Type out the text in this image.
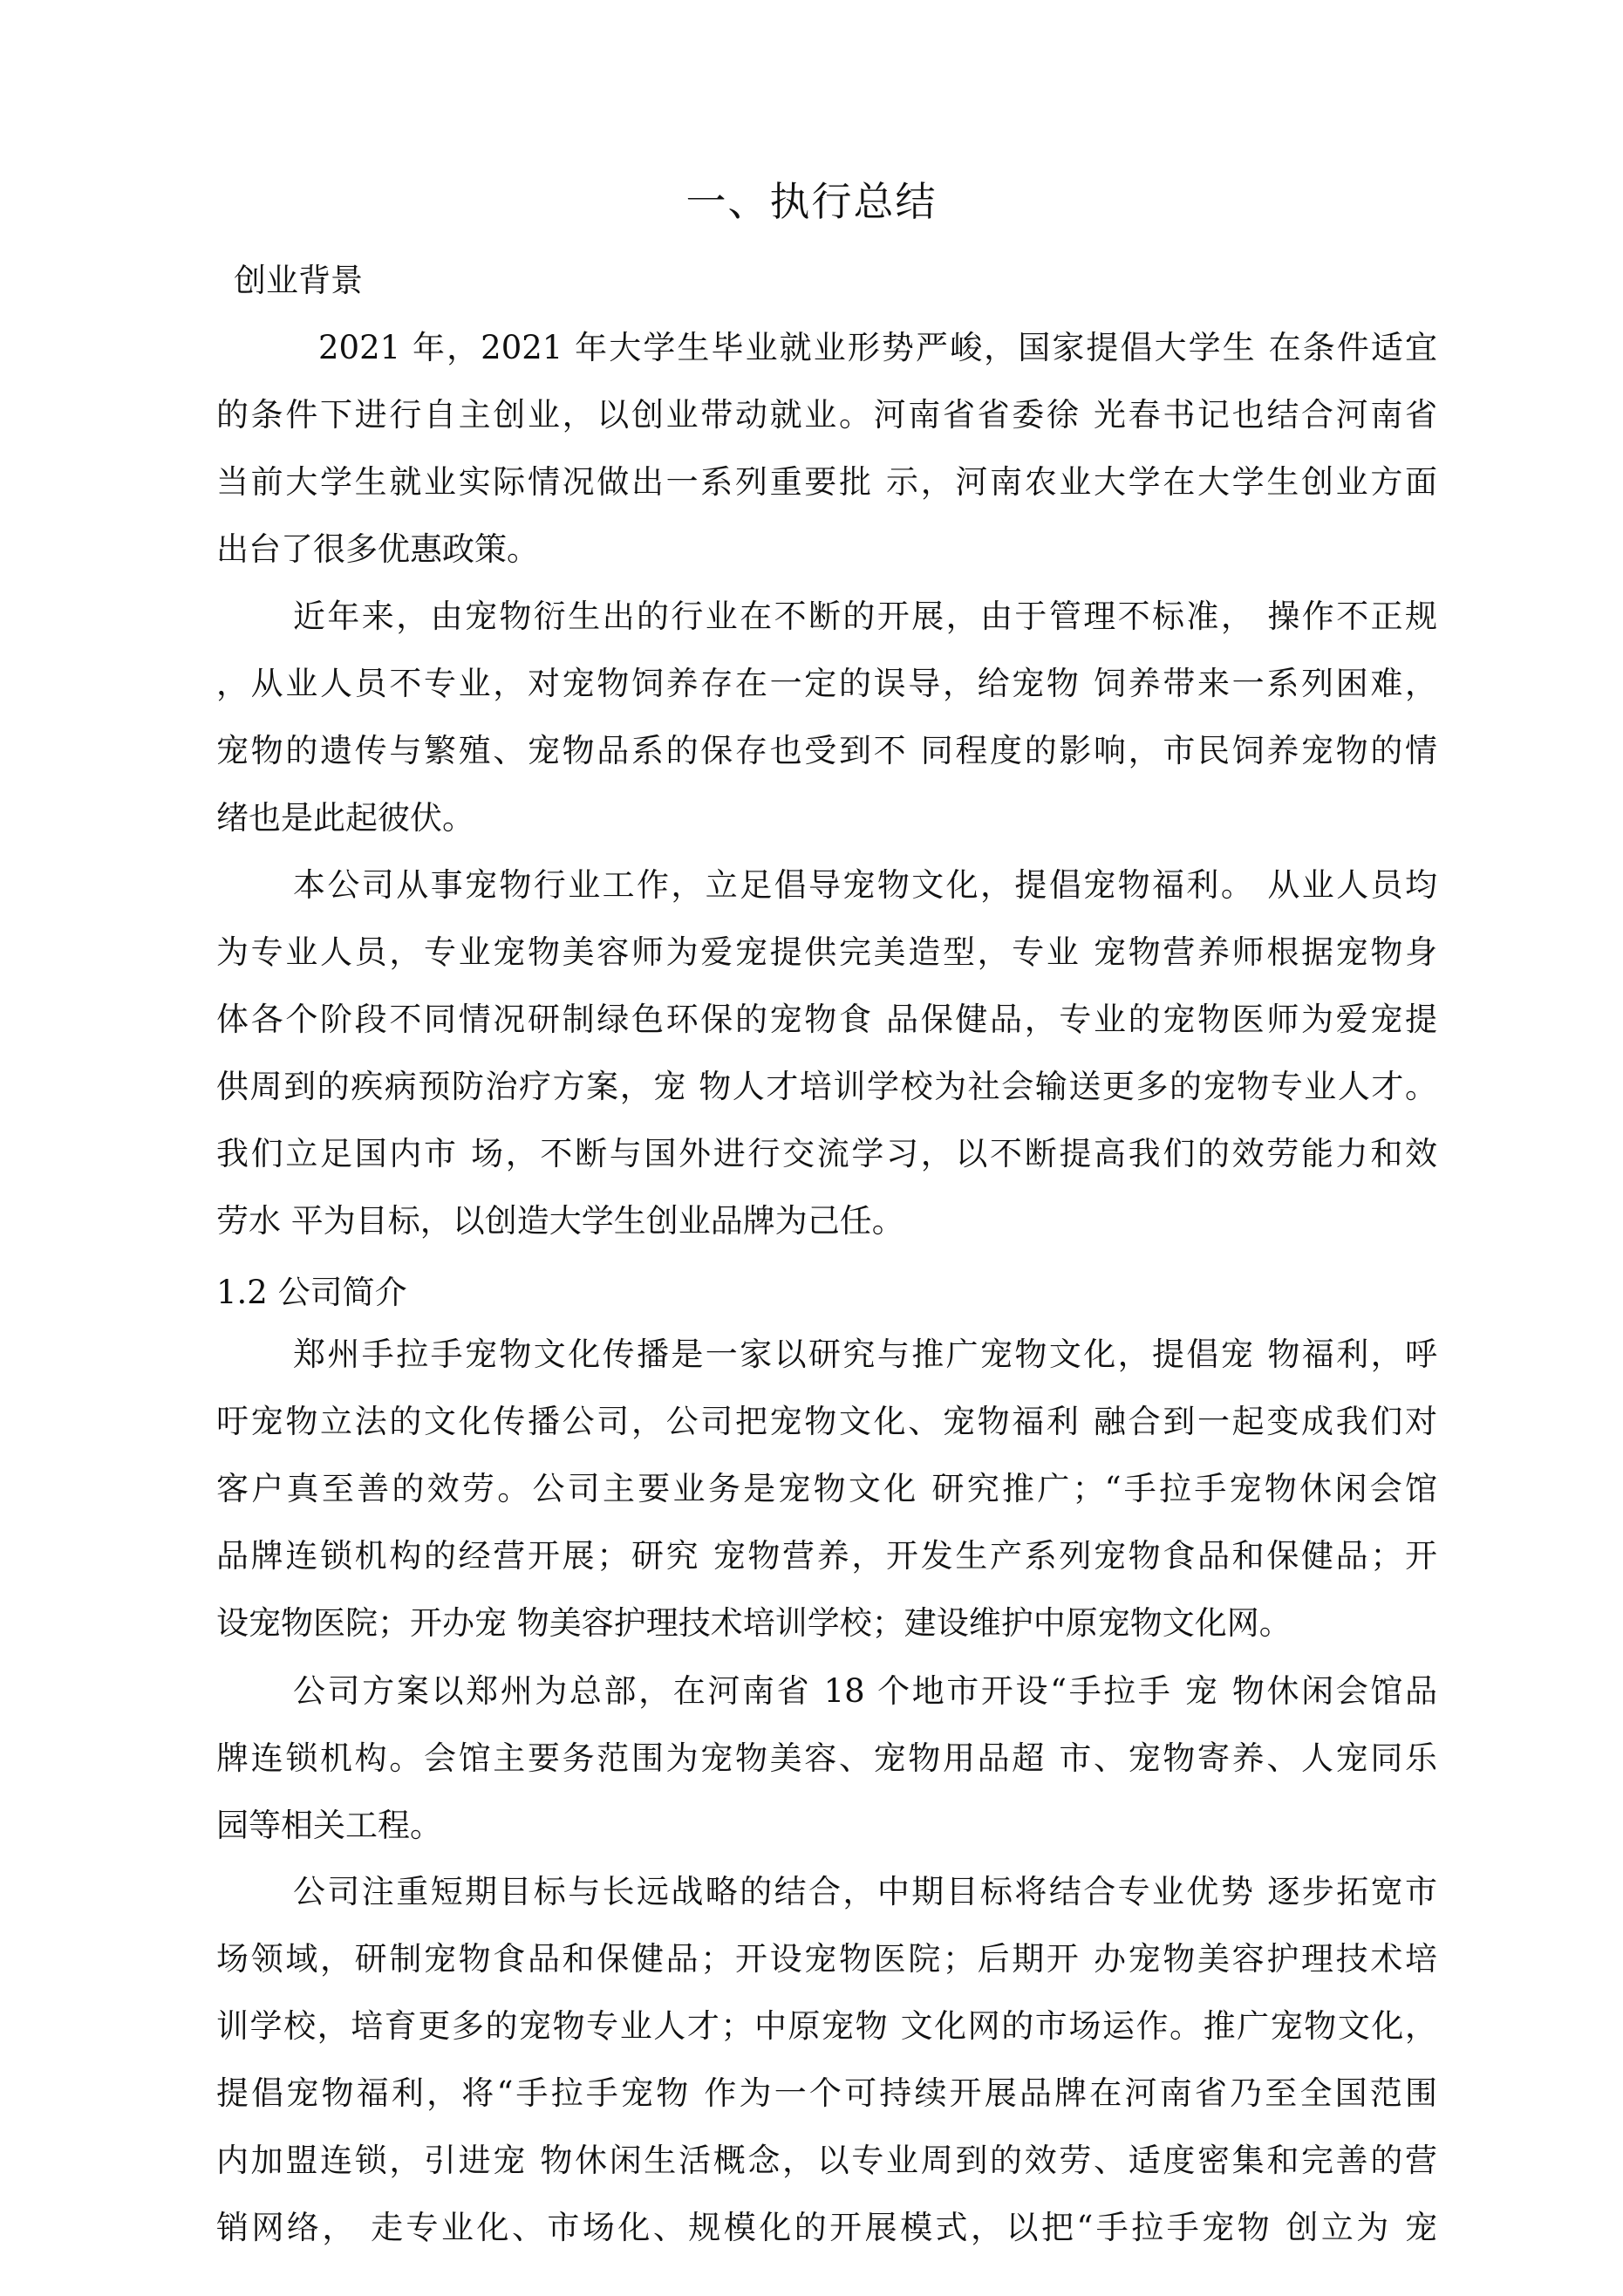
一、执行总结
创业背景
2021 年，2021 年大学生毕业就业形势严峻，国家提倡大学生 在条件适宜
的条件下进行自主创业，以创业带动就业。河南省省委徐 光春书记也结合河南省
当前大学生就业实际情况做出一系列重要批 示，河南农业大学在大学生创业方面
出台了很多优惠政策。
近年来，由宠物衍生出的行业在不断的开展，由于管理不标准， 操作不正规
，从业人员不专业，对宠物饲养存在一定的误导，给宠物 饲养带来一系列困难，
宠物的遗传与繁殖、宠物品系的保存也受到不 同程度的影响，市民饲养宠物的情
绪也是此起彼伏。
本公司从事宠物行业工作，立足倡导宠物文化，提倡宠物福利。 从业人员均
为专业人员，专业宠物美容师为爱宠提供完美造型，专业 宠物营养师根据宠物身
体各个阶段不同情况研制绿色环保的宠物食 品保健品，专业的宠物医师为爱宠提
供周到的疾病预防治疗方案，宠 物人才培训学校为社会输送更多的宠物专业人才。
我们立足国内市 场，不断与国外进行交流学习，以不断提高我们的效劳能力和效
劳水 平为目标，以创造大学生创业品牌为己任。
1.2 公司简介
郑州手拉手宠物文化传播是一家以研究与推广宠物文化，提倡宠 物福利，呼
吁宠物立法的文化传播公司，公司把宠物文化、宠物福利 融合到一起变成我们对
客户真至善的效劳。公司主要业务是宠物文化 研究推广；“手拉手宠物休闲会馆
品牌连锁机构的经营开展；研究 宠物营养，开发生产系列宠物食品和保健品；开
设宠物医院；开办宠 物美容护理技术培训学校；建设维护中原宠物文化网。
公司方案以郑州为总部，在河南省 18 个地市开设“手拉手 宠 物休闲会馆品
牌连锁机构。会馆主要务范围为宠物美容、宠物用品超 市、宠物寄养、人宠同乐
园等相关工程。
公司注重短期目标与长远战略的结合，中期目标将结合专业优势 逐步拓宽市
场领域，研制宠物食品和保健品；开设宠物医院；后期开 办宠物美容护理技术培
训学校，培育更多的宠物专业人才；中原宠物 文化网的市场运作。推广宠物文化，
提倡宠物福利，将“手拉手宠物 作为一个可持续开展品牌在河南省乃至全国范围
内加盟连锁，引进宠 物休闲生活概念，以专业周到的效劳、适度密集和完善的营
销网络， 走专业化、市场化、规模化的开展模式，以把“手拉手宠物 创立为 宠
